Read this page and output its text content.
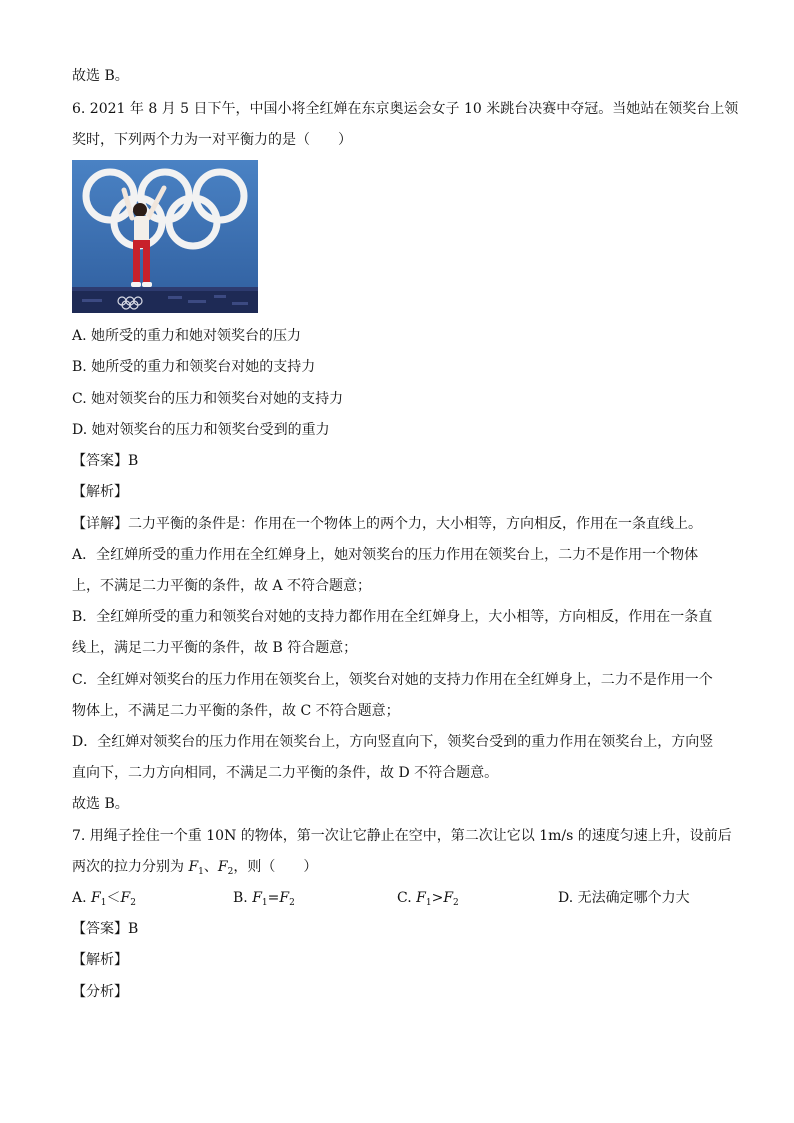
故选 B。
6. 2021 年 8 月 5 日下午，中国小将全红婵在东京奥运会女子 10 米跳台决赛中夺冠。当她站在领奖台上领
奖时，下列两个力为一对平衡力的是（　　）
A. 她所受的重力和她对领奖台的压力
B. 她所受的重力和领奖台对她的支持力
C. 她对领奖台的压力和领奖台对她的支持力
D. 她对领奖台的压力和领奖台受到的重力
【答案】B
【解析】
【详解】二力平衡的条件是：作用在一个物体上的两个力，大小相等，方向相反，作用在一条直线上。
A．全红婵所受的重力作用在全红婵身上，她对领奖台的压力作用在领奖台上，二力不是作用一个物体
上，不满足二力平衡的条件，故 A 不符合题意；
B．全红婵所受的重力和领奖台对她的支持力都作用在全红婵身上，大小相等，方向相反，作用在一条直
线上，满足二力平衡的条件，故 B 符合题意；
C．全红婵对领奖台的压力作用在领奖台上，领奖台对她的支持力作用在全红婵身上，二力不是作用一个
物体上，不满足二力平衡的条件，故 C 不符合题意；
D．全红婵对领奖台的压力作用在领奖台上，方向竖直向下，领奖台受到的重力作用在领奖台上，方向竖
直向下，二力方向相同，不满足二力平衡的条件，故 D 不符合题意。
故选 B。
7. 用绳子拴住一个重 10N 的物体，第一次让它静止在空中，第二次让它以 1m/s 的速度匀速上升，设前后
两次的拉力分别为 $F_1$、$F_2$，则（　　）
A. $F_1<F_2$	B. $F_1=F_2$	C. $F_1>F_2$	D. 无法确定哪个力大
【答案】B
【解析】
【分析】
